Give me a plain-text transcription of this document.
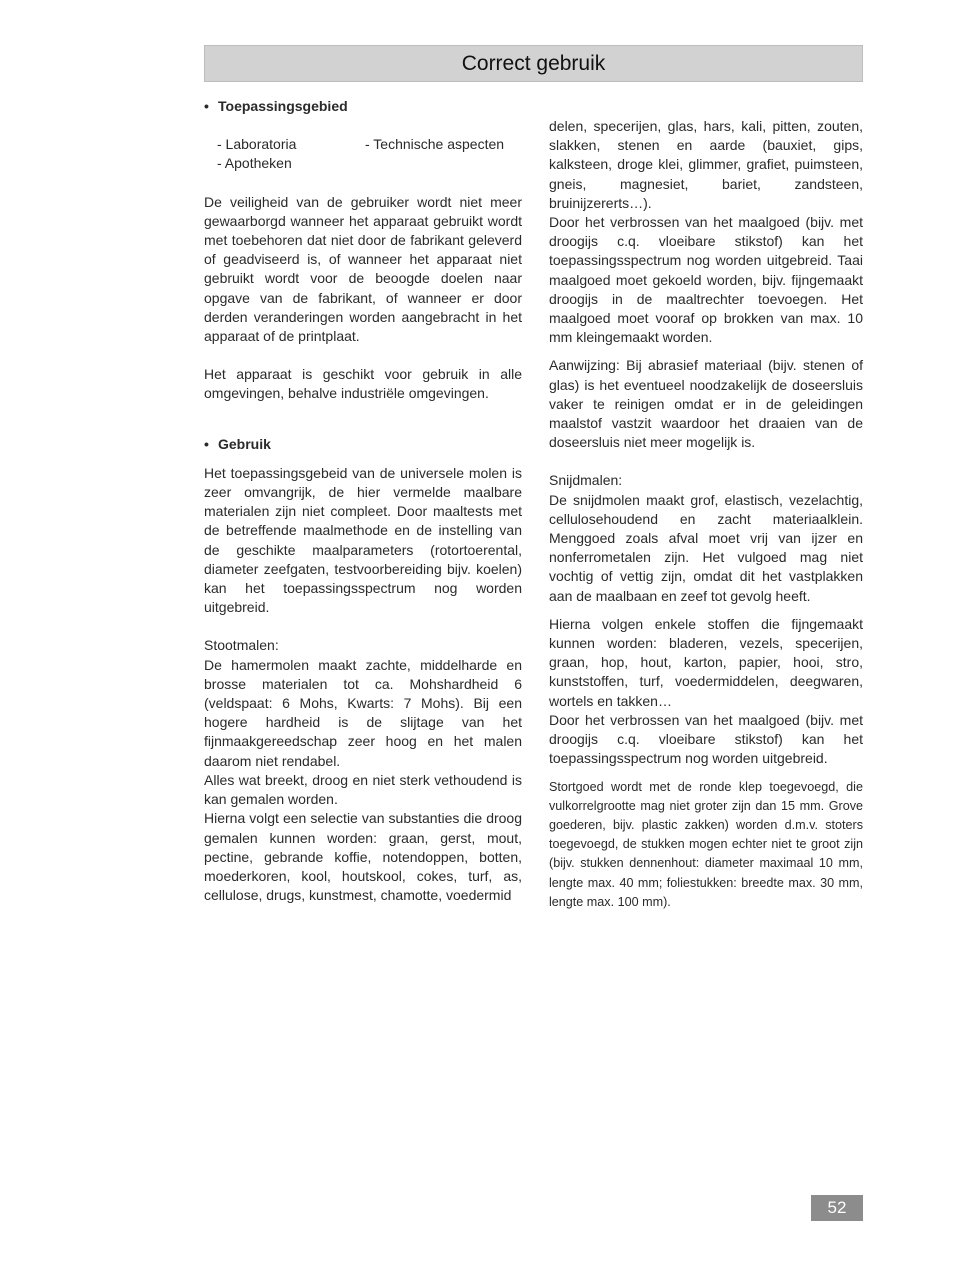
Correct gebruik

• Toepassingsgebied

- Laboratoria
- Apotheken
- Technische aspecten

De veiligheid van de gebruiker wordt niet meer gewaarborgd wanneer het apparaat gebruikt wordt met toebehoren dat niet door de fabrikant geleverd of geadviseerd is, of wanneer het apparaat niet gebruikt wordt voor de beoogde doelen naar opgave van de fabrikant, of wanneer er door derden veranderingen worden aangebracht in het apparaat of de printplaat.

Het apparaat is geschikt voor gebruik in alle omgevingen, behalve industriële omgevingen.

• Gebruik

Het toepassingsgebeid van de universele molen is zeer omvangrijk, de hier vermelde maalbare materialen zijn niet compleet. Door maaltests met de betreffende maalmethode en de instelling van de geschikte maalparameters (rotortoerental, diameter zeefgaten, testvoorbereiding bijv. koelen) kan het toepassingsspectrum nog worden uitgebreid.

Stootmalen:

De hamermolen maakt zachte, middelharde en brosse materialen tot ca. Mohshardheid 6 (veldspaat: 6 Mohs, Kwarts: 7 Mohs). Bij een hogere hardheid is de slijtage van het fijnmaakgereedschap zeer hoog en het malen daarom niet rendabel.

Alles wat breekt, droog en niet sterk vethoudend is kan gemalen worden.

Hierna volgt een selectie van substanties die droog gemalen kunnen worden: graan, gerst, mout, pectine, gebrande koffie, notendoppen, botten, moederkoren, kool, houtskool, cokes, turf, as, cellulose, drugs, kunstmest, chamotte, voedermid

delen, specerijen, glas, hars, kali, pitten, zouten, slakken, stenen en aarde (bauxiet, gips, kalksteen, droge klei, glimmer, grafiet, puimsteen, gneis, magnesiet, bariet, zandsteen, bruinijzererts…).

Door het verbrossen van het maalgoed (bijv. met droogijs c.q. vloeibare stikstof) kan het toepassingsspectrum nog worden uitgebreid. Taai maalgoed moet gekoeld worden, bijv. fijngemaakt droogijs in de maaltrechter toevoegen. Het maalgoed moet vooraf op brokken van max. 10 mm kleingemaakt worden.

Aanwijzing: Bij abrasief materiaal (bijv. stenen of glas) is het eventueel noodzakelijk de doseersluis vaker te reinigen omdat er in de geleidingen maalstof vastzit waardoor het draaien van de doseersluis niet meer mogelijk is.

Snijdmalen:

De snijdmolen maakt grof, elastisch, vezelachtig, cellulosehoudend en zacht materiaalklein. Menggoed zoals afval moet vrij van ijzer en nonferrometalen zijn. Het vulgoed mag niet vochtig of vettig zijn, omdat dit het vastplakken aan de maalbaan en zeef tot gevolg heeft.

Hierna volgen enkele stoffen die fijngemaakt kunnen worden: bladeren, vezels, specerijen, graan, hop, hout, karton, papier, hooi, stro, kunststoffen, turf, voedermiddelen, deegwaren, wortels en takken…

Door het verbrossen van het maalgoed (bijv. met droogijs c.q. vloeibare stikstof) kan het toepassingsspectrum nog worden uitgebreid.

Stortgoed wordt met de ronde klep toegevoegd, die vulkorrelgrootte mag niet groter zijn dan 15 mm. Grove goederen, bijv. plastic zakken) worden d.m.v. stoters toegevoegd, de stukken mogen echter niet te groot zijn (bijv. stukken dennenhout: diameter maximaal 10 mm, lengte max. 40 mm; foliestukken: breedte max. 30 mm, lengte max. 100 mm).

52
